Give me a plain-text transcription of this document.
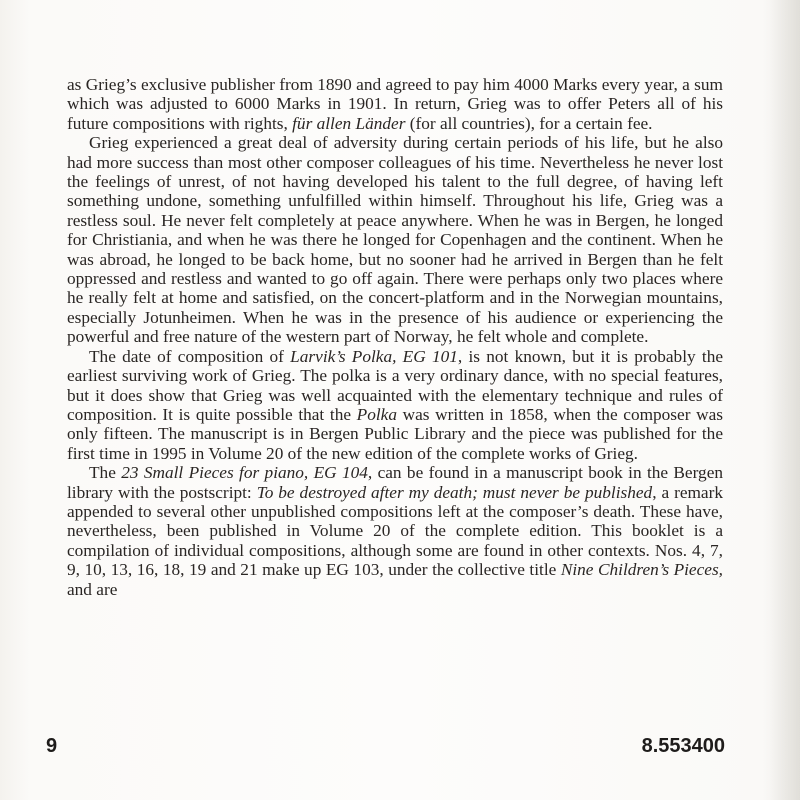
as Grieg’s exclusive publisher from 1890 and agreed to pay him 4000 Marks every year, a sum which was adjusted to 6000 Marks in 1901. In return, Grieg was to offer Peters all of his future compositions with rights, für allen Länder (for all countries), for a certain fee.

Grieg experienced a great deal of adversity during certain periods of his life, but he also had more success than most other composer colleagues of his time. Nevertheless he never lost the feelings of unrest, of not having developed his talent to the full degree, of having left something undone, something unfulfilled within himself. Throughout his life, Grieg was a restless soul. He never felt completely at peace anywhere. When he was in Bergen, he longed for Christiania, and when he was there he longed for Copenhagen and the continent. When he was abroad, he longed to be back home, but no sooner had he arrived in Bergen than he felt oppressed and restless and wanted to go off again. There were perhaps only two places where he really felt at home and satisfied, on the concert-platform and in the Norwegian mountains, especially Jotunheimen. When he was in the presence of his audience or experiencing the powerful and free nature of the western part of Norway, he felt whole and complete.

The date of composition of Larvik’s Polka, EG 101, is not known, but it is probably the earliest surviving work of Grieg. The polka is a very ordinary dance, with no special features, but it does show that Grieg was well acquainted with the elementary technique and rules of composition. It is quite possible that the Polka was written in 1858, when the composer was only fifteen. The manuscript is in Bergen Public Library and the piece was published for the first time in 1995 in Volume 20 of the new edition of the complete works of Grieg.

The 23 Small Pieces for piano, EG 104, can be found in a manuscript book in the Bergen library with the postscript: To be destroyed after my death; must never be published, a remark appended to several other unpublished compositions left at the composer’s death. These have, nevertheless, been published in Volume 20 of the complete edition. This booklet is a compilation of individual compositions, although some are found in other contexts. Nos. 4, 7, 9, 10, 13, 16, 18, 19 and 21 make up EG 103, under the collective title Nine Children’s Pieces, and are

9	8.553400
